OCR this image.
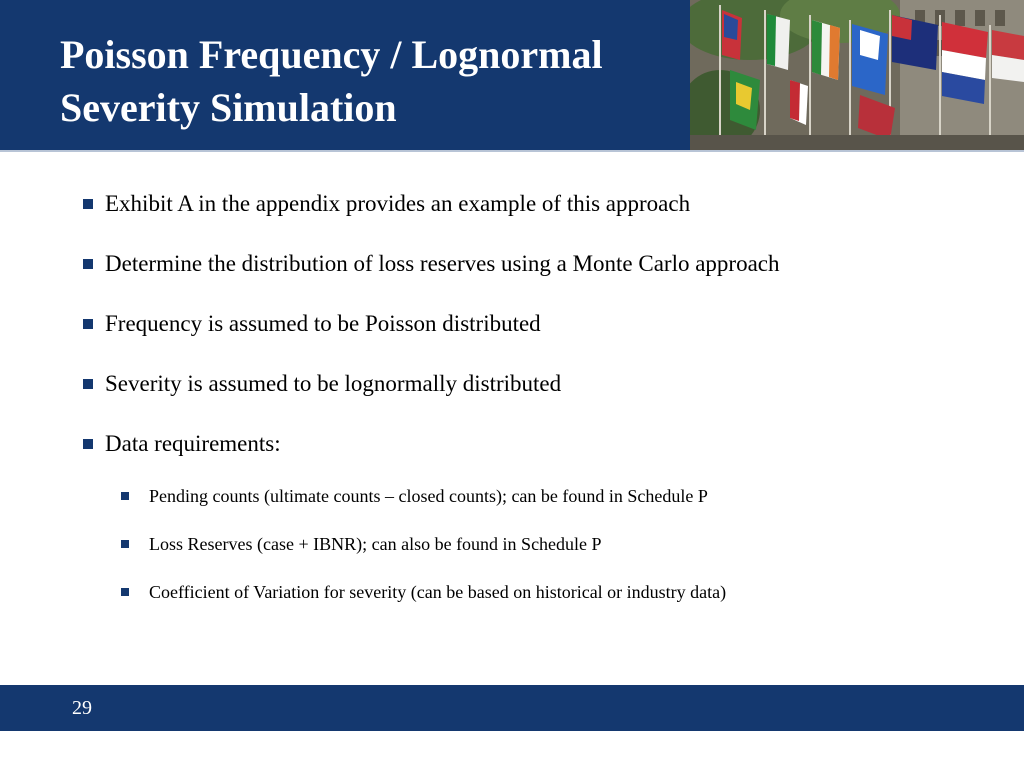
Poisson Frequency / Lognormal
Severity Simulation
Exhibit A in the appendix provides an example of this approach
Determine the distribution of loss reserves using a Monte Carlo approach
Frequency is assumed to be Poisson distributed
Severity is assumed to be lognormally distributed
Data requirements:
Pending counts (ultimate counts – closed counts); can be found in Schedule P
Loss Reserves (case + IBNR); can also be found in Schedule P
Coefficient of Variation for severity (can be based on historical or industry data)
29
